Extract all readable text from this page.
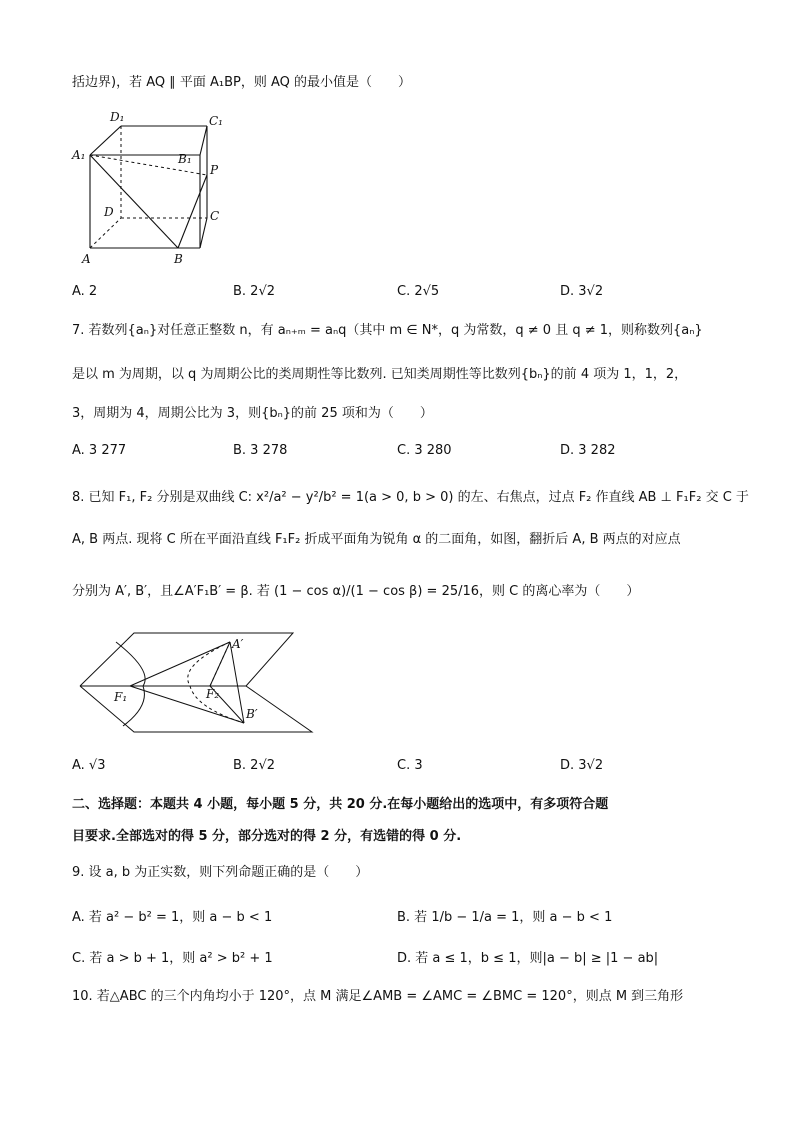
括边界)，若 AQ ∥ 平面 A₁BP，则 AQ 的最小值是（　　）
D₁	C₁
A₁	B₁
P
D	C
A	B
A. 2	B. 2√2	C. 2√5	D. 3√2
7. 若数列{aₙ}对任意正整数 n，有 aₙ₊ₘ = aₙq（其中 m ∈ N*，q 为常数，q ≠ 0 且 q ≠ 1，则称数列{aₙ}
是以 m 为周期，以 q 为周期公比的类周期性等比数列. 已知类周期性等比数列{bₙ}的前 4 项为 1，1，2，
3，周期为 4，周期公比为 3，则{bₙ}的前 25 项和为（　　）
A. 3 277	B. 3 278	C. 3 280	D. 3 282
8. 已知 F₁, F₂ 分别是双曲线 C: x²/a² − y²/b² = 1(a > 0, b > 0) 的左、右焦点，过点 F₂ 作直线 AB ⊥ F₁F₂ 交 C 于
A, B 两点. 现将 C 所在平面沿直线 F₁F₂ 折成平面角为锐角 α 的二面角，如图，翻折后 A, B 两点的对应点
分别为 A′, B′，且∠A′F₁B′ = β. 若 (1 − cos α)/(1 − cos β) = 25/16，则 C 的离心率为（　　）
A′
F₁	F₂
B′
A. √3	B. 2√2	C. 3	D. 3√2
二、选择题：本题共 4 小题，每小题 5 分，共 20 分.在每小题给出的选项中，有多项符合题
目要求.全部选对的得 5 分，部分选对的得 2 分，有选错的得 0 分.
9. 设 a, b 为正实数，则下列命题正确的是（　　）
A. 若 a² − b² = 1，则 a − b < 1	B. 若 1/b − 1/a = 1，则 a − b < 1
C. 若 a > b + 1，则 a² > b² + 1	D. 若 a ≤ 1，b ≤ 1，则|a − b| ≥ |1 − ab|
10. 若△ABC 的三个内角均小于 120°，点 M 满足∠AMB = ∠AMC = ∠BMC = 120°，则点 M 到三角形
